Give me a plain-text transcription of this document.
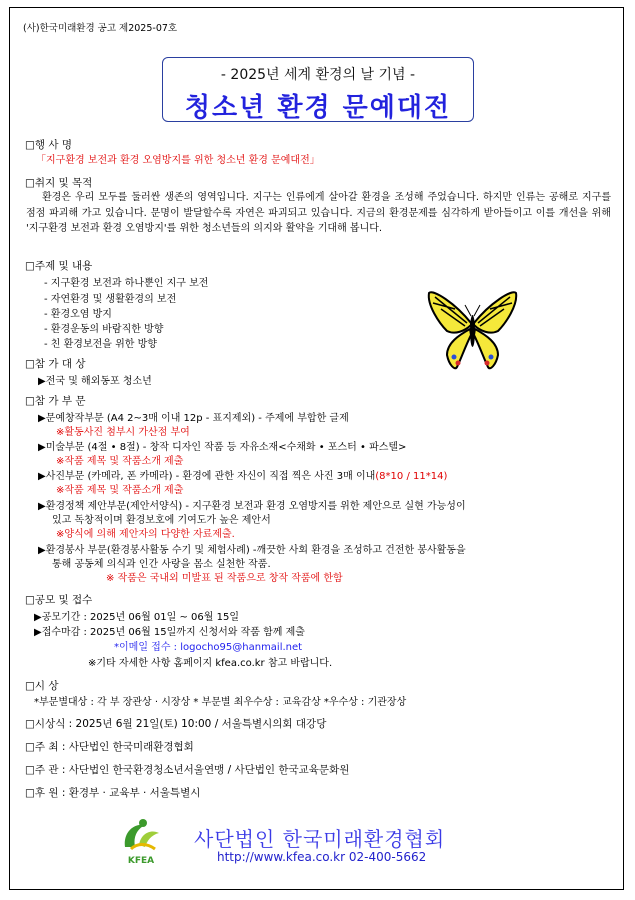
(사)한국미래환경 공고 제2025-07호
- 2025년 세계 환경의 날 기념 -
청소년 환경 문예대전
□행 사 명
「지구환경 보전과 환경 오염방지를 위한 청소년 환경 문예대전」
□취지 및 목적
환경은 우리 모두를 둘러싼 생존의 영역입니다. 지구는 인류에게 살아갈 환경을 조성해 주었습니다. 하지만 인류는 공해로 지구를 점점 파괴해 가고 있습니다. 문명이 발달할수록 자연은 파괴되고 있습니다. 지금의 환경문제를 심각하게 받아들이고 이를 개선을 위해 '지구환경 보전과 환경 오염방지'를 위한 청소년들의 의지와 활약을 기대해 봅니다.
□주제 및 내용
- 지구환경 보전과 하나뿐인 지구 보전
- 자연환경 및 생활환경의 보전
- 환경오염 방지
- 환경운동의 바람직한 방향
- 친 환경보전을 위한 방향
□참 가 대 상
▶전국 및 해외동포 청소년
□참 가 부 문
▶문예창작부문 (A4 2~3매 이내 12p - 표지제외) - 주제에 부합한 글제
※활동사진 첨부시 가산점 부여
▶미술부문 (4절 • 8절) - 창작 디자인 작품 등 자유소재<수채화 • 포스터 • 파스텔>
※작품 제목 및 작품소개 제출
▶사진부문 (카메라, 폰 카메라) - 환경에 관한 자신이 직접 찍은 사진 3매 이내(8*10 / 11*14)
※작품 제목 및 작품소개 제출
▶환경정책 제안부문(제안서양식) - 지구환경 보전과 환경 오염방지를 위한 제안으로 실현 가능성이
있고 독창적이며 환경보호에 기여도가 높은 제안서
※양식에 의해 제안자의 다양한 자료제출.
▶환경봉사 부문(환경봉사활동 수기 및 체험사례) -깨끗한 사회 환경을 조성하고 건전한 봉사활동을
통해 공동체 의식과 인간 사랑을 몸소 실천한 작품.
※ 작품은 국내외 미발표 된 작품으로 창작 작품에 한함
□공모 및 접수
▶공모기간 : 2025년 06월 01일 ~ 06월 15일
▶접수마감 : 2025년 06월 15일까지 신청서와 작품 함께 제출
*이메일 접수 : logocho95@hanmail.net
※기타 자세한 사항 홈페이지 kfea.co.kr 참고 바랍니다.
□시 상
*부문별대상 : 각 부 장관상 · 시장상 * 부문별 최우수상 : 교육감상 *우수상 : 기관장상
□시상식 : 2025년 6월 21일(토) 10:00 / 서울특별시의회 대강당
□주 최 : 사단법인 한국미래환경협회
□주 관 : 사단법인 한국환경청소년서울연맹 / 사단법인 한국교육문화원
□후 원 : 환경부 · 교육부 · 서울특별시
KFEA
사단법인 한국미래환경협회
http://www.kfea.co.kr 02-400-5662
